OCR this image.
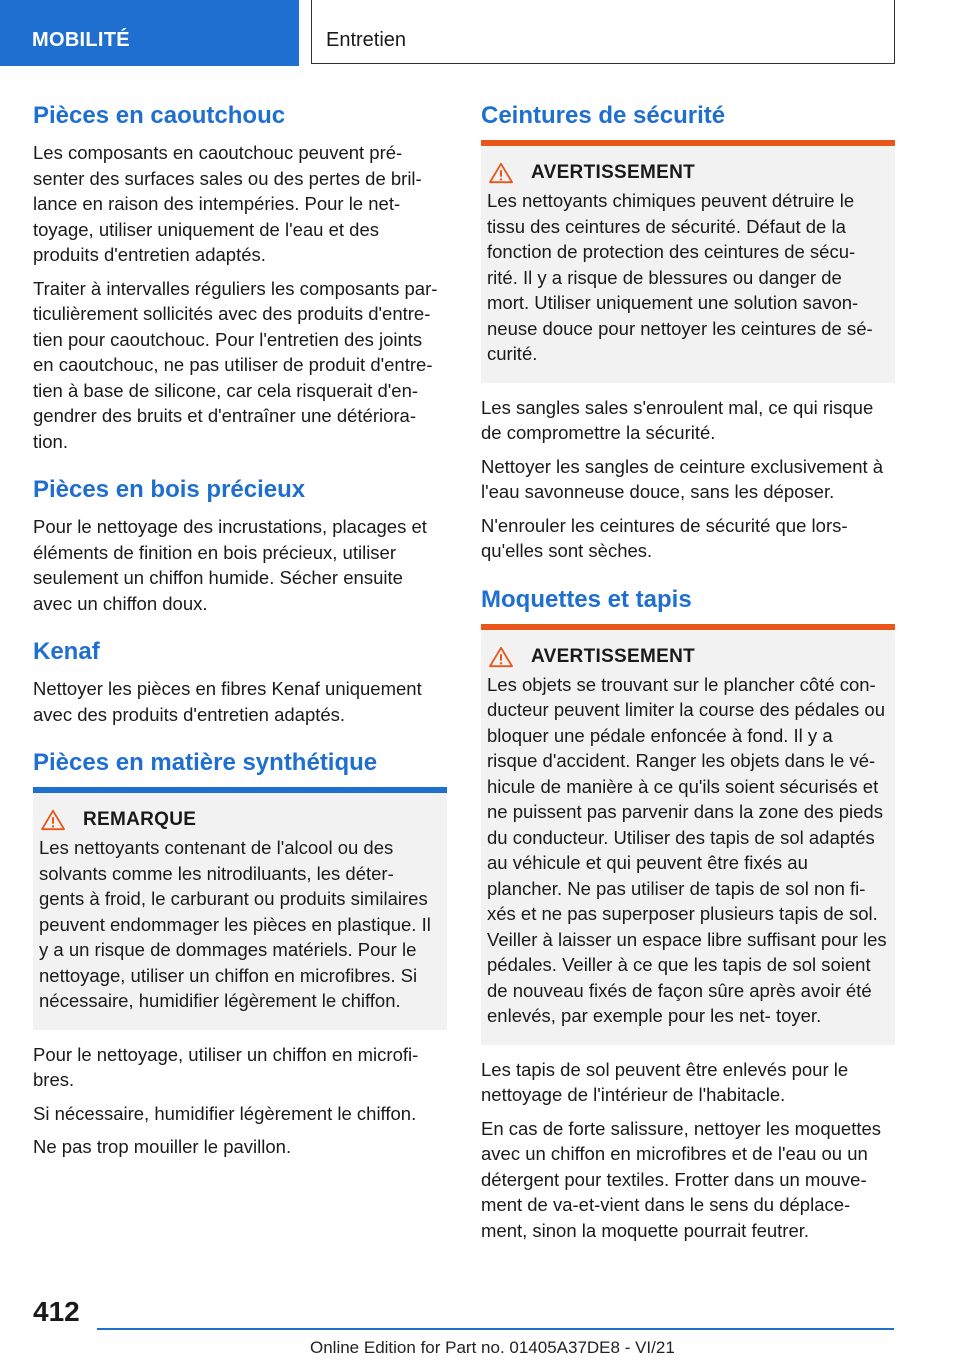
MOBILITÉ	Entretien
Pièces en caoutchouc

Les composants en caoutchouc peuvent pré- senter des surfaces sales ou des pertes de bril- lance en raison des intempéries. Pour le net- toyage, utiliser uniquement de l'eau et des produits d'entretien adaptés.

Traiter à intervalles réguliers les composants par- ticulièrement sollicités avec des produits d'entre- tien pour caoutchouc. Pour l'entretien des joints en caoutchouc, ne pas utiliser de produit d'entre- tien à base de silicone, car cela risquerait d'en- gendrer des bruits et d'entraîner une détériora- tion.

Pièces en bois précieux

Pour le nettoyage des incrustations, placages et éléments de finition en bois précieux, utiliser seulement un chiffon humide. Sécher ensuite avec un chiffon doux.

Kenaf

Nettoyer les pièces en fibres Kenaf uniquement avec des produits d'entretien adaptés.

Pièces en matière synthétique
REMARQUE

Les nettoyants contenant de l'alcool ou des solvants comme les nitrodiluants, les déter- gents à froid, le carburant ou produits similaires peuvent endommager les pièces en plastique. Il y a un risque de dommages matériels. Pour le nettoyage, utiliser un chiffon en microfibres. Si nécessaire, humidifier légèrement le chiffon.

Pour le nettoyage, utiliser un chiffon en microfi- bres.

Si nécessaire, humidifier légèrement le chiffon.

Ne pas trop mouiller le pavillon.

Ceintures de sécurité
AVERTISSEMENT

Les nettoyants chimiques peuvent détruire le tissu des ceintures de sécurité. Défaut de la fonction de protection des ceintures de sécu- rité. Il y a risque de blessures ou danger de mort. Utiliser uniquement une solution savon- neuse douce pour nettoyer les ceintures de sé- curité.

Les sangles sales s'enroulent mal, ce qui risque de compromettre la sécurité.

Nettoyer les sangles de ceinture exclusivement à l'eau savonneuse douce, sans les déposer.

N'enrouler les ceintures de sécurité que lors- qu'elles sont sèches.

Moquettes et tapis
AVERTISSEMENT

Les objets se trouvant sur le plancher côté con- ducteur peuvent limiter la course des pédales ou bloquer une pédale enfoncée à fond. Il y a risque d'accident. Ranger les objets dans le vé- hicule de manière à ce qu'ils soient sécurisés et ne puissent pas parvenir dans la zone des pieds du conducteur. Utiliser des tapis de sol adaptés au véhicule et qui peuvent être fixés au plancher. Ne pas utiliser de tapis de sol non fi- xés et ne pas superposer plusieurs tapis de sol. Veiller à laisser un espace libre suffisant pour les pédales. Veiller à ce que les tapis de sol soient de nouveau fixés de façon sûre après avoir été enlevés, par exemple pour les net- toyer.

Les tapis de sol peuvent être enlevés pour le nettoyage de l'intérieur de l'habitacle.

En cas de forte salissure, nettoyer les moquettes avec un chiffon en microfibres et de l'eau ou un détergent pour textiles. Frotter dans un mouve- ment de va-et-vient dans le sens du déplace- ment, sinon la moquette pourrait feutrer.

412
Online Edition for Part no. 01405A37DE8 - VI/21
